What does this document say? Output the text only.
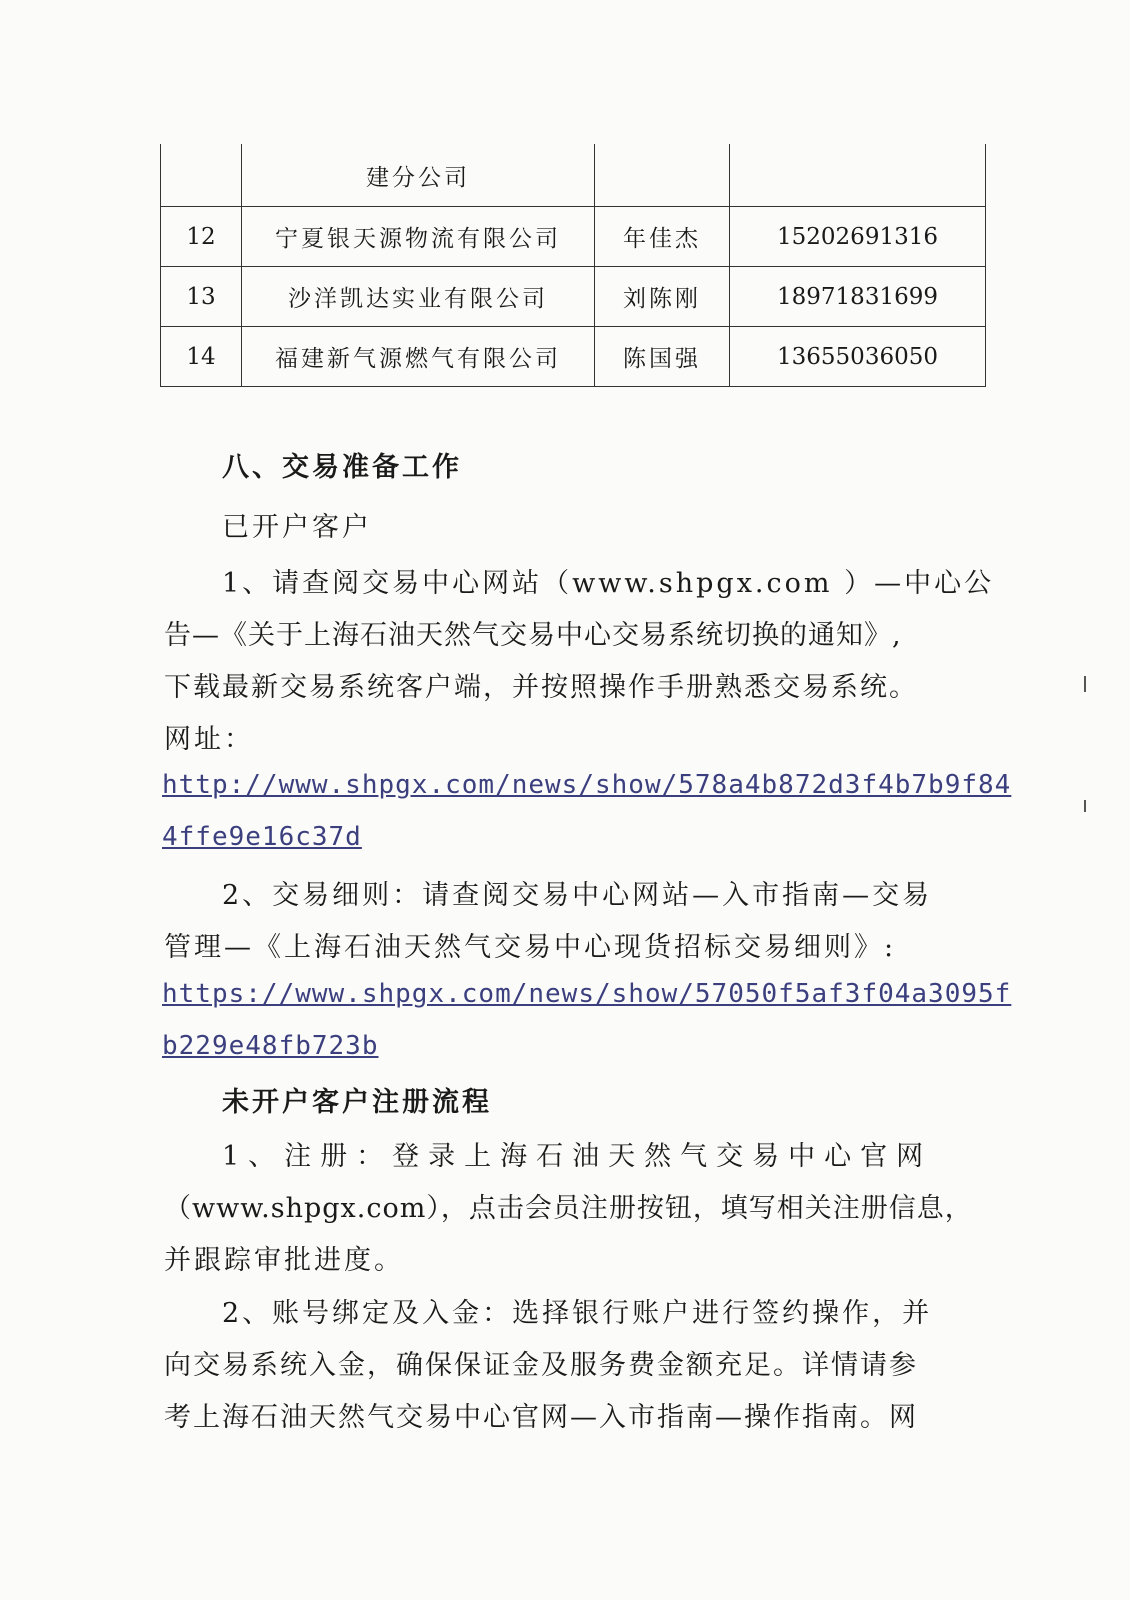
	建分公司		
12	宁夏银天源物流有限公司	年佳杰	15202691316
13	沙洋凯达实业有限公司	刘陈刚	18971831699
14	福建新气源燃气有限公司	陈国强	13655036050
八、交易准备工作
已开户客户
1、请查阅交易中心网站（www.shpgx.com ）—中心公
告—《关于上海石油天然气交易中心交易系统切换的通知》,
下载最新交易系统客户端，并按照操作手册熟悉交易系统。
网址：
http://www.shpgx.com/news/show/578a4b872d3f4b7b9f84
4ffe9e16c37d
2、交易细则：请查阅交易中心网站—入市指南—交易
管理—《上海石油天然气交易中心现货招标交易细则》:
https://www.shpgx.com/news/show/57050f5af3f04a3095f
b229e48fb723b
未开户客户注册流程
1、注册：登录上海石油天然气交易中心官网
（www.shpgx.com），点击会员注册按钮，填写相关注册信息，
并跟踪审批进度。
2、账号绑定及入金：选择银行账户进行签约操作，并
向交易系统入金，确保保证金及服务费金额充足。详情请参
考上海石油天然气交易中心官网—入市指南—操作指南。网
